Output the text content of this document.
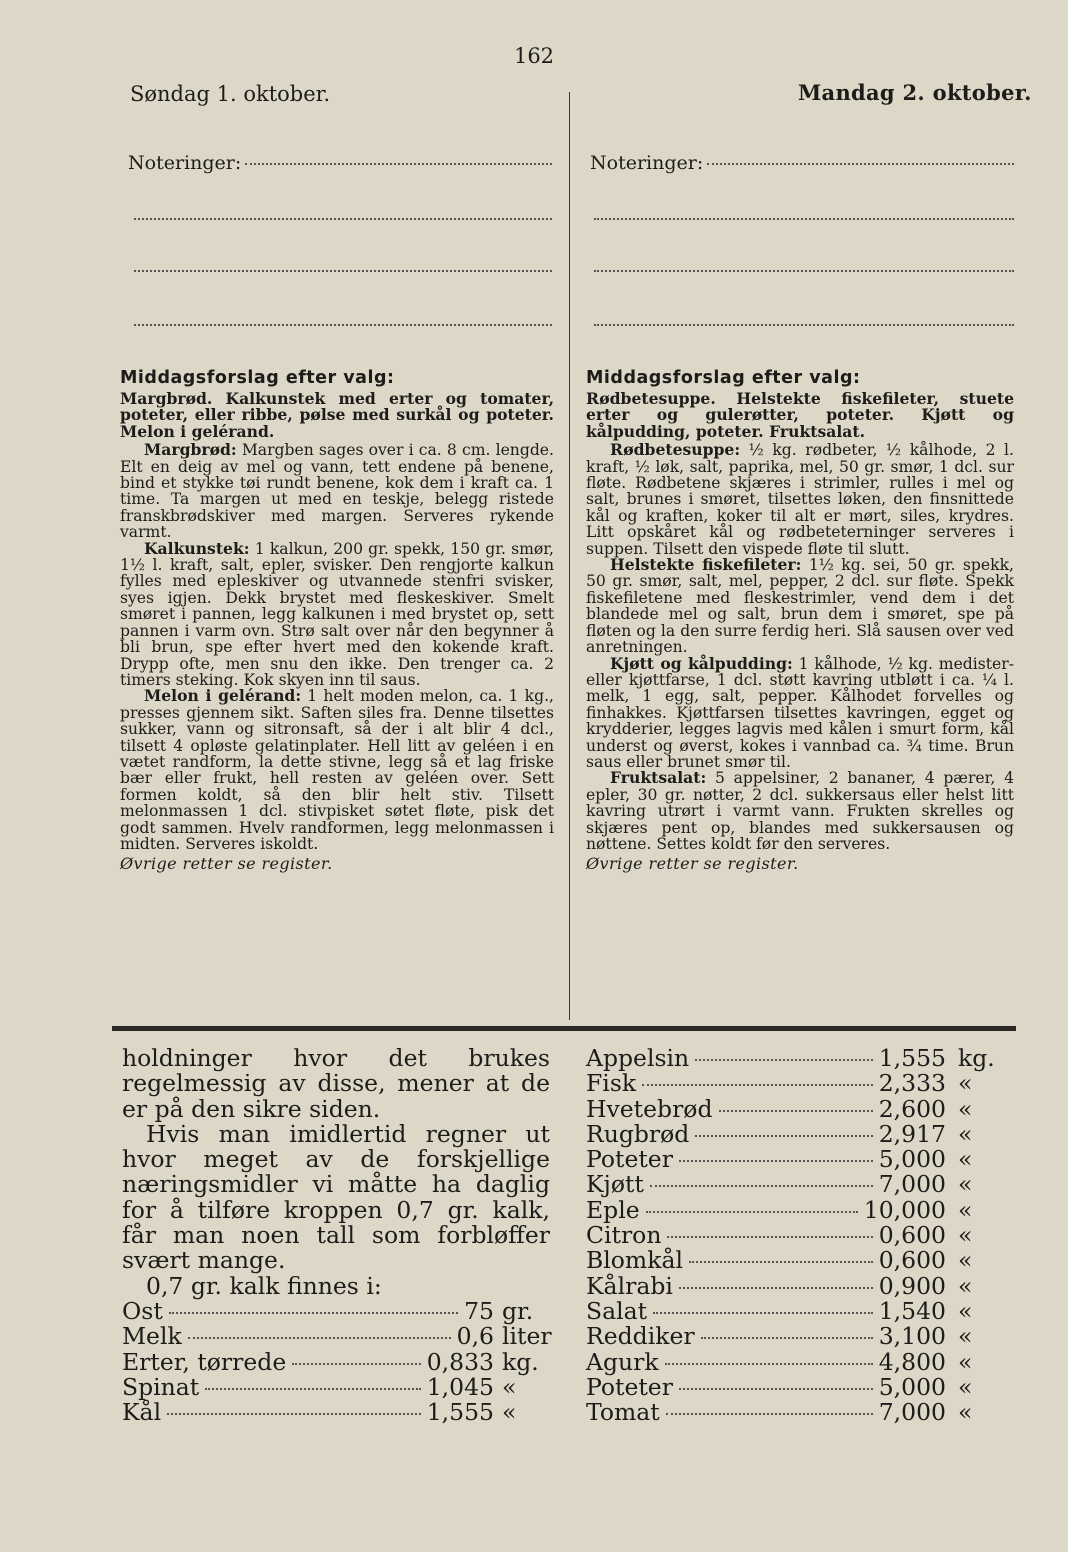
162
Søndag 1. oktober.	Mandag 2. oktober.
Noteringer:	Noteringer:
Middagsforslag efter valg:

Margbrød. Kalkunstek med erter og tomater, poteter, eller ribbe, pølse med surkål og poteter. Melon i gelérand.

Margbrød: Margben sages over i ca. 8 cm. lengde. Elt en deig av mel og vann, tett endene på benene, bind et stykke tøi rundt benene, kok dem i kraft ca. 1 time. Ta margen ut med en teskje, belegg ristede franskbrødskiver med margen. Serveres rykende varmt.

Kalkunstek: 1 kalkun, 200 gr. spekk, 150 gr. smør, 1½ l. kraft, salt, epler, svisker. Den rengjorte kalkun fylles med epleskiver og utvannede stenfri svisker, syes igjen. Dekk brystet med fleskeskiver. Smelt smøret i pannen, legg kalkunen i med brystet op, sett pannen i varm ovn. Strø salt over når den begynner å bli brun, spe efter hvert med den kokende kraft. Drypp ofte, men snu den ikke. Den trenger ca. 2 timers steking. Kok skyen inn til saus.

Melon i gelérand: 1 helt moden melon, ca. 1 kg., presses gjennem sikt. Saften siles fra. Denne tilsettes sukker, vann og sitronsaft, så der i alt blir 4 dcl., tilsett 4 opløste gelatinplater. Hell litt av geléen i en vætet randform, la dette stivne, legg så et lag friske bær eller frukt, hell resten av geléen over. Sett formen koldt, så den blir helt stiv. Tilsett melonmassen 1 dcl. stivpisket søtet fløte, pisk det godt sammen. Hvelv randformen, legg melonmassen i midten. Serveres iskoldt.

Øvrige retter se register.
Middagsforslag efter valg:

Rødbetesuppe. Helstekte fiskefileter, stuete erter og gulerøtter, poteter. Kjøtt og kålpudding, poteter. Fruktsalat.

Rødbetesuppe: ½ kg. rødbeter, ½ kålhode, 2 l. kraft, ½ løk, salt, paprika, mel, 50 gr. smør, 1 dcl. sur fløte. Rødbetene skjæres i strimler, rulles i mel og salt, brunes i smøret, tilsettes løken, den finsnittede kål og kraften, koker til alt er mørt, siles, krydres. Litt opskåret kål og rødbeteterninger serveres i suppen. Tilsett den vispede fløte til slutt.

Helstekte fiskefileter: 1½ kg. sei, 50 gr. spekk, 50 gr. smør, salt, mel, pepper, 2 dcl. sur fløte. Spekk fiskefiletene med fleskestrimler, vend dem i det blandede mel og salt, brun dem i smøret, spe på fløten og la den surre ferdig heri. Slå sausen over ved anretningen.

Kjøtt og kålpudding: 1 kålhode, ½ kg. medister- eller kjøttfarse, 1 dcl. støtt kavring utbløtt i ca. ¼ l. melk, 1 egg, salt, pepper. Kålhodet forvelles og finhakkes. Kjøttfarsen tilsettes kavringen, egget og krydderier, legges lagvis med kålen i smurt form, kål underst og øverst, kokes i vannbad ca. ¾ time. Brun saus eller brunet smør til.

Fruktsalat: 5 appelsiner, 2 bananer, 4 pærer, 4 epler, 30 gr. nøtter, 2 dcl. sukkersaus eller helst litt kavring utrørt i varmt vann. Frukten skrelles og skjæres pent op, blandes med sukkersausen og nøttene. Settes koldt før den serveres.

Øvrige retter se register.

holdninger hvor det brukes regelmessig av disse, mener at de er på den sikre siden.

Hvis man imidlertid regner ut hvor meget av de forskjellige næringsmidler vi måtte ha daglig for å tilføre kroppen 0,7 gr. kalk, får man noen tall som forbløffer svært mange.

0,7 gr. kalk finnes i:

Ost	75 gr.
Melk	0,6 liter
Erter, tørrede	0,833 kg.
Spinat	1,045 «
Kål	1,555 «
Appelsin	1,555 kg.
Fisk	2,333 «
Hvetebrød	2,600 «
Rugbrød	2,917 «
Poteter	5,000 «
Kjøtt	7,000 «
Eple	10,000 «
Citron	0,600 «
Blomkål	0,600 «
Kålrabi	0,900 «
Salat	1,540 «
Reddiker	3,100 «
Agurk	4,800 «
Poteter	5,000 «
Tomat	7,000 «
